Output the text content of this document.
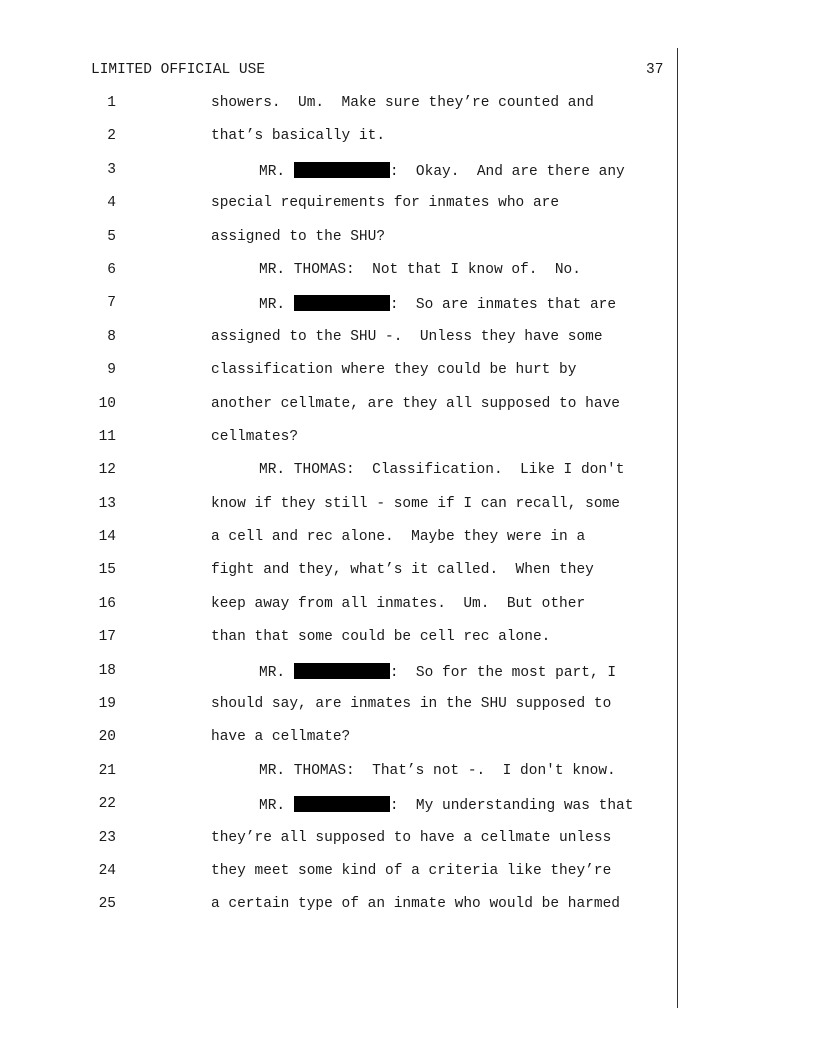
LIMITED OFFICIAL USE	37
1	showers.  Um.  Make sure they’re counted and
2	that’s basically it.
3	MR.	:  Okay.  And are there any
4	special requirements for inmates who are
5	assigned to the SHU?
6	MR. THOMAS:  Not that I know of.  No.
7	MR.	:  So are inmates that are
8	assigned to the SHU -.  Unless they have some
9	classification where they could be hurt by
10	another cellmate, are they all supposed to have
11	cellmates?
12	MR. THOMAS:  Classification.  Like I don't
13	know if they still - some if I can recall, some
14	a cell and rec alone.  Maybe they were in a
15	fight and they, what’s it called.  When they
16	keep away from all inmates.  Um.  But other
17	than that some could be cell rec alone.
18	MR.	:  So for the most part, I
19	should say, are inmates in the SHU supposed to
20	have a cellmate?
21	MR. THOMAS:  That’s not -.  I don't know.
22	MR.	:  My understanding was that
23	they’re all supposed to have a cellmate unless
24	they meet some kind of a criteria like they’re
25	a certain type of an inmate who would be harmed
